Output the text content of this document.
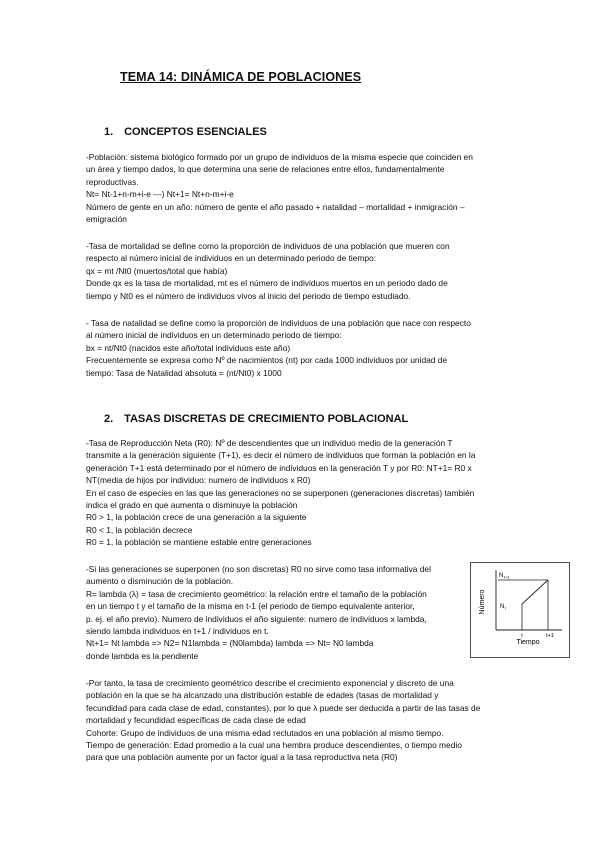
TEMA 14: DINÁMICA DE POBLACIONES
1. CONCEPTOS ESENCIALES
-Población: sistema biológico formado por un grupo de individuos de la misma especie que coinciden en
un área y tiempo dados, lo que determina una serie de relaciones entre ellos, fundamentalmente
reproductivas.
Nt= Nt-1+n-m+i-e ---) Nt+1= Nt+n-m+i-e
Número de gente en un año: número de gente el año pasado + natalidad – mortalidad + inmigración –
emigración
-Tasa de mortalidad se define como la proporción de individuos de una población que mueren con
respecto al número inicial de individuos en un determinado periodo de tiempo:
qx = mt /Nt0 (muertos/total que había)
Donde qx es la tasa de mortalidad, mt es el número de individuos muertos en un periodo dado de
tiempo y Nt0 es el número de individuos vivos al inicio del periodo de tiempo estudiado.
- Tasa de natalidad se define como la proporción de individuos de una población que nace con respecto
al número inicial de individuos en un determinado periodo de tiempo:
bx = nt/Nt0 (nacidos este año/total individuos este año)
Frecuentemente se expresa como Nº de nacimientos (nt) por cada 1000 individuos por unidad de
tiempo: Tasa de Natalidad absoluta = (nt/Nt0) x 1000
2. TASAS DISCRETAS DE CRECIMIENTO POBLACIONAL
-Tasa de Reproducción Neta (R0): Nº de descendientes que un individuo medio de la generación T
transmite a la generación siguiente (T+1), es decir el número de individuos que forman la población en la
generación T+1 está determinado por el número de individuos en la generación T y por R0: NT+1= R0 x
NT(media de hijos por individuo: numero de individuos x R0)
En el caso de especies en las que las generaciones no se superponen (generaciones discretas) también
indica el grado en que aumenta o disminuye la población
R0 > 1, la población crece de una generación a la siguiente
R0 < 1, la población decrece
R0 = 1, la población se mantiene estable entre generaciones
-Si las generaciones se superponen (no son discretas) R0 no sirve como tasa informativa del
aumento o disminución de la población.
R= lambda (λ) = tasa de crecimiento geométrico: la relación entre el tamaño de la población
en un tiempo t y el tamaño de la misma en t-1 (el periodo de tiempo equivalente anterior,
p. ej. el año previo). Numero de individuos el año siguiente: numero de individuos x lambda,
siendo lambda individuos en t+1 / individuos en t.
Nt+1= Nt lambda => N2= N1lambda = (N0lambda) lambda => Nt= N0 lambda
donde lambda es la pendiente
Número
Tiempo
N t+1
N t
t	t+1
-Por tanto, la tasa de crecimiento geométrico describe el crecimiento exponencial y discreto de una
población en la que se ha alcanzado una distribución estable de edades (tasas de mortalidad y
fecundidad para cada clase de edad, constantes), por lo que λ puede ser deducida a partir de las tasas de
mortalidad y fecundidad específicas de cada clase de edad
Cohorte: Grupo de individuos de una misma edad reclutados en una población al mismo tiempo.
Tiempo de generación: Edad promedio a la cual una hembra produce descendientes, o tiempo medio
para que una población aumente por un factor igual a la tasa reproductiva neta (R0)
